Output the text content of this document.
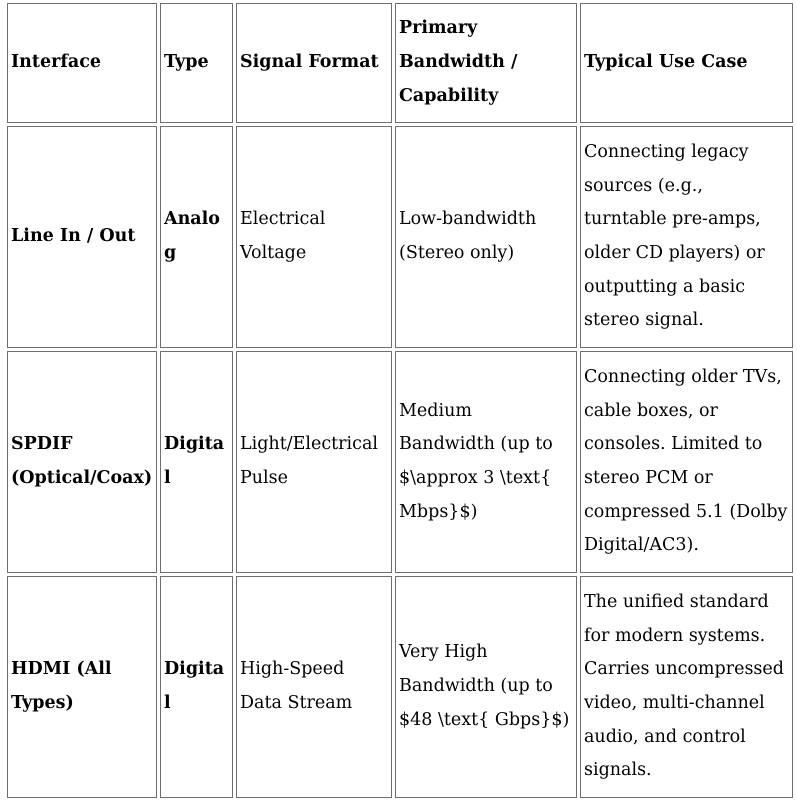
Interface	Type	Signal Format	Primary Bandwidth / Capability	Typical Use Case
Line In / Out	Analog	Electrical Voltage	Low-bandwidth (Stereo only)	Connecting legacy sources (e.g., turntable pre-amps, older CD players) or outputting a basic stereo signal.
SPDIF (Optical/Coax)	Digital	Light/Electrical Pulse	Medium Bandwidth (up to $\approx 3 \text{ Mbps}$)	Connecting older TVs, cable boxes, or consoles. Limited to stereo PCM or compressed 5.1 (Dolby Digital/AC3).
HDMI (All Types)	Digital	High-Speed Data Stream	Very High Bandwidth (up to $48 \text{ Gbps}$)	The unified standard for modern systems. Carries uncompressed video, multi-channel audio, and control signals.
